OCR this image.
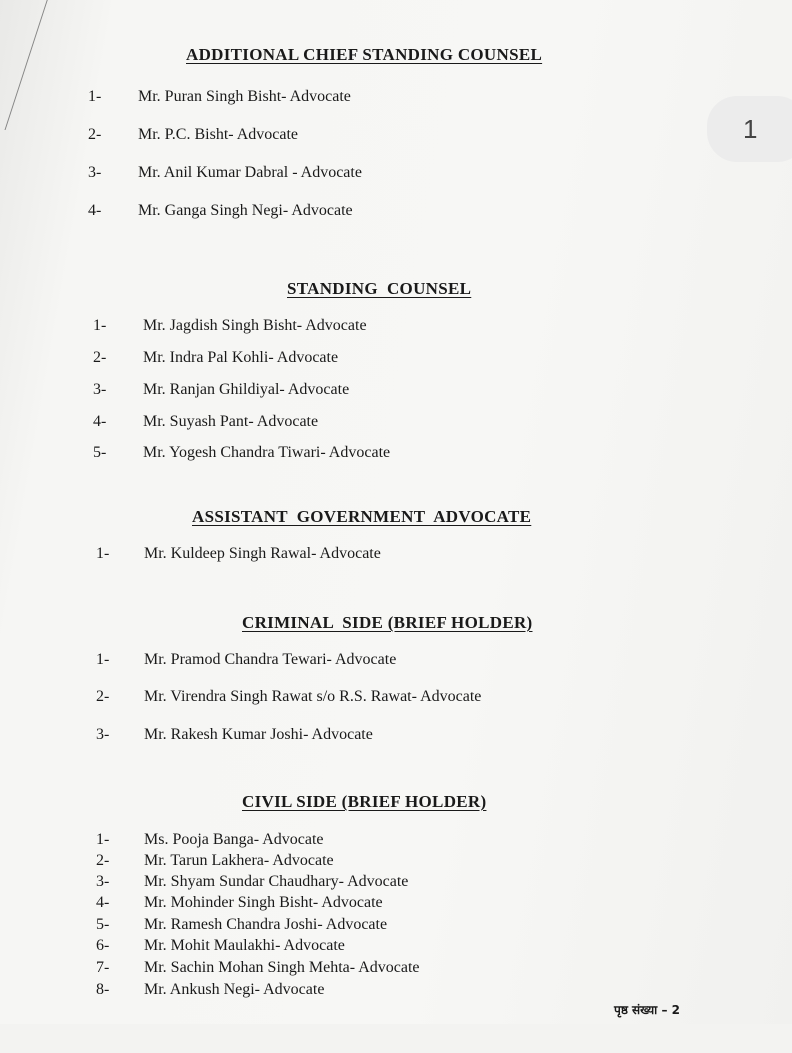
1
ADDITIONAL CHIEF STANDING COUNSEL

1-

Mr. Puran Singh Bisht- Advocate

2-

Mr. P.C. Bisht- Advocate

3-

Mr. Anil Kumar Dabral - Advocate

4-

Mr. Ganga Singh Negi- Advocate

STANDING  COUNSEL

1-

Mr. Jagdish Singh Bisht- Advocate

2-

Mr. Indra Pal Kohli- Advocate

3-

Mr. Ranjan Ghildiyal- Advocate

4-

Mr. Suyash Pant- Advocate

5-

Mr. Yogesh Chandra Tiwari- Advocate

ASSISTANT  GOVERNMENT  ADVOCATE

1-

Mr. Kuldeep Singh Rawal- Advocate

CRIMINAL  SIDE (BRIEF HOLDER)

1-

Mr. Pramod Chandra Tewari- Advocate

2-

Mr. Virendra Singh Rawat s/o R.S. Rawat- Advocate

3-

Mr. Rakesh Kumar Joshi- Advocate

CIVIL SIDE (BRIEF HOLDER)

1-

Ms. Pooja Banga- Advocate

2-

Mr. Tarun Lakhera- Advocate

3-

Mr. Shyam Sundar Chaudhary- Advocate

4-

Mr. Mohinder Singh Bisht- Advocate

5-

Mr. Ramesh Chandra Joshi- Advocate

6-

Mr. Mohit Maulakhi- Advocate

7-

Mr. Sachin Mohan Singh Mehta- Advocate

8-

Mr. Ankush Negi- Advocate

पृष्ठ संख्या – 2
